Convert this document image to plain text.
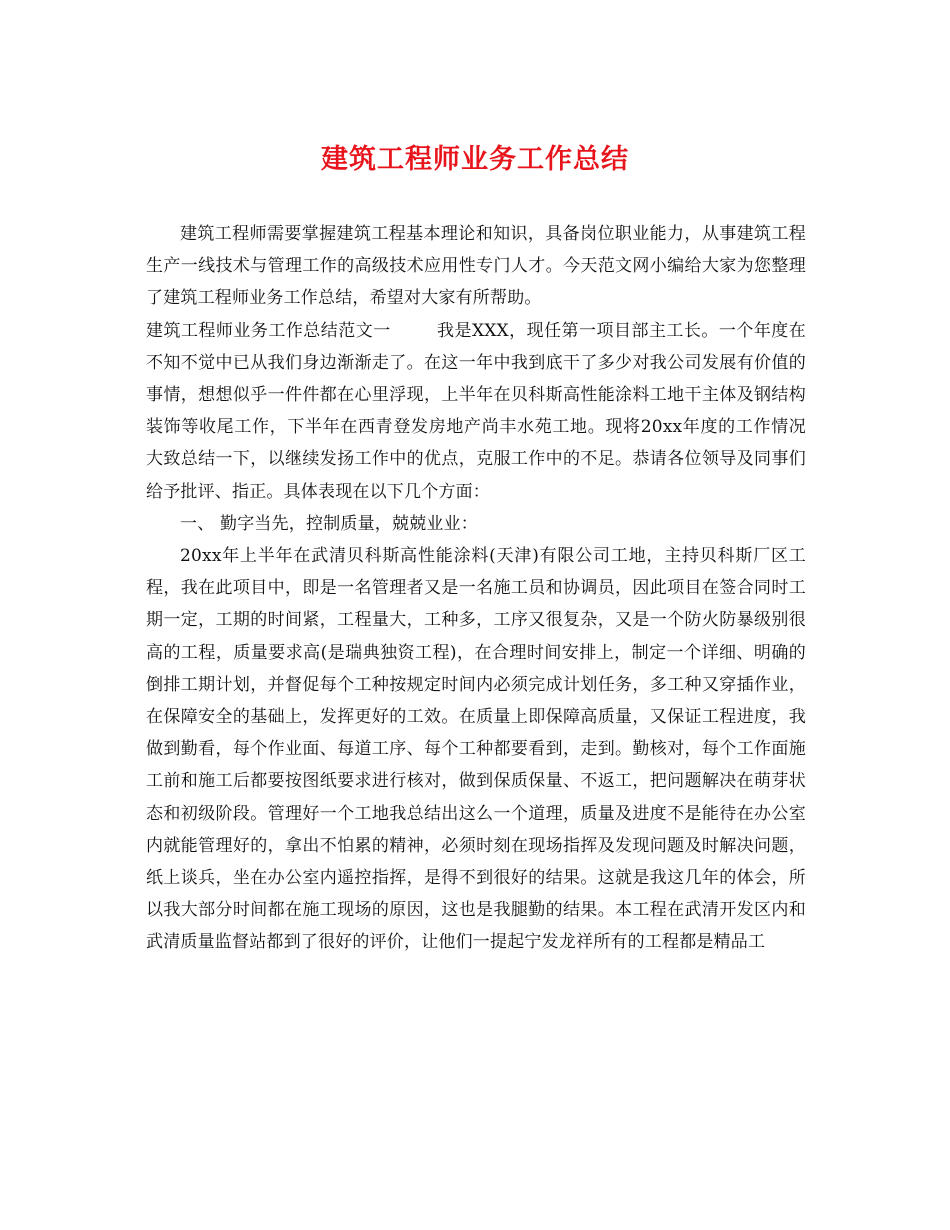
建筑工程师业务工作总结

建筑工程师需要掌握建筑工程基本理论和知识，具备岗位职业能力，从事建筑工程生产一线技术与管理工作的高级技术应用性专门人才。今天范文网小编给大家为您整理了建筑工程师业务工作总结，希望对大家有所帮助。

建筑工程师业务工作总结范文一	我是XXX，现任第一项目部主工长。一个年度在不知不觉中已从我们身边渐渐走了。在这一年中我到底干了多少对我公司发展有价值的事情，想想似乎一件件都在心里浮现，上半年在贝科斯高性能涂料工地干主体及钢结构装饰等收尾工作，下半年在西青登发房地产尚丰水苑工地。现将20xx年度的工作情况大致总结一下，以继续发扬工作中的优点，克服工作中的不足。恭请各位领导及同事们给予批评、指正。具体表现在以下几个方面：

一、 勤字当先，控制质量，兢兢业业：

20xx年上半年在武清贝科斯高性能涂料(天津)有限公司工地，主持贝科斯厂区工程，我在此项目中，即是一名管理者又是一名施工员和协调员，因此项目在签合同时工期一定，工期的时间紧，工程量大，工种多，工序又很复杂，又是一个防火防暴级别很高的工程，质量要求高(是瑞典独资工程)，在合理时间安排上，制定一个详细、明确的倒排工期计划，并督促每个工种按规定时间内必须完成计划任务，多工种又穿插作业，在保障安全的基础上，发挥更好的工效。在质量上即保障高质量，又保证工程进度，我做到勤看，每个作业面、每道工序、每个工种都要看到，走到。勤核对，每个工作面施工前和施工后都要按图纸要求进行核对，做到保质保量、不返工，把问题解决在萌芽状态和初级阶段。管理好一个工地我总结出这么一个道理，质量及进度不是能待在办公室内就能管理好的，拿出不怕累的精神，必须时刻在现场指挥及发现问题及时解决问题，纸上谈兵，坐在办公室内遥控指挥，是得不到很好的结果。这就是我这几年的体会，所以我大部分时间都在施工现场的原因，这也是我腿勤的结果。本工程在武清开发区内和武清质量监督站都到了很好的评价，让他们一提起宁发龙祥所有的工程都是精品工
